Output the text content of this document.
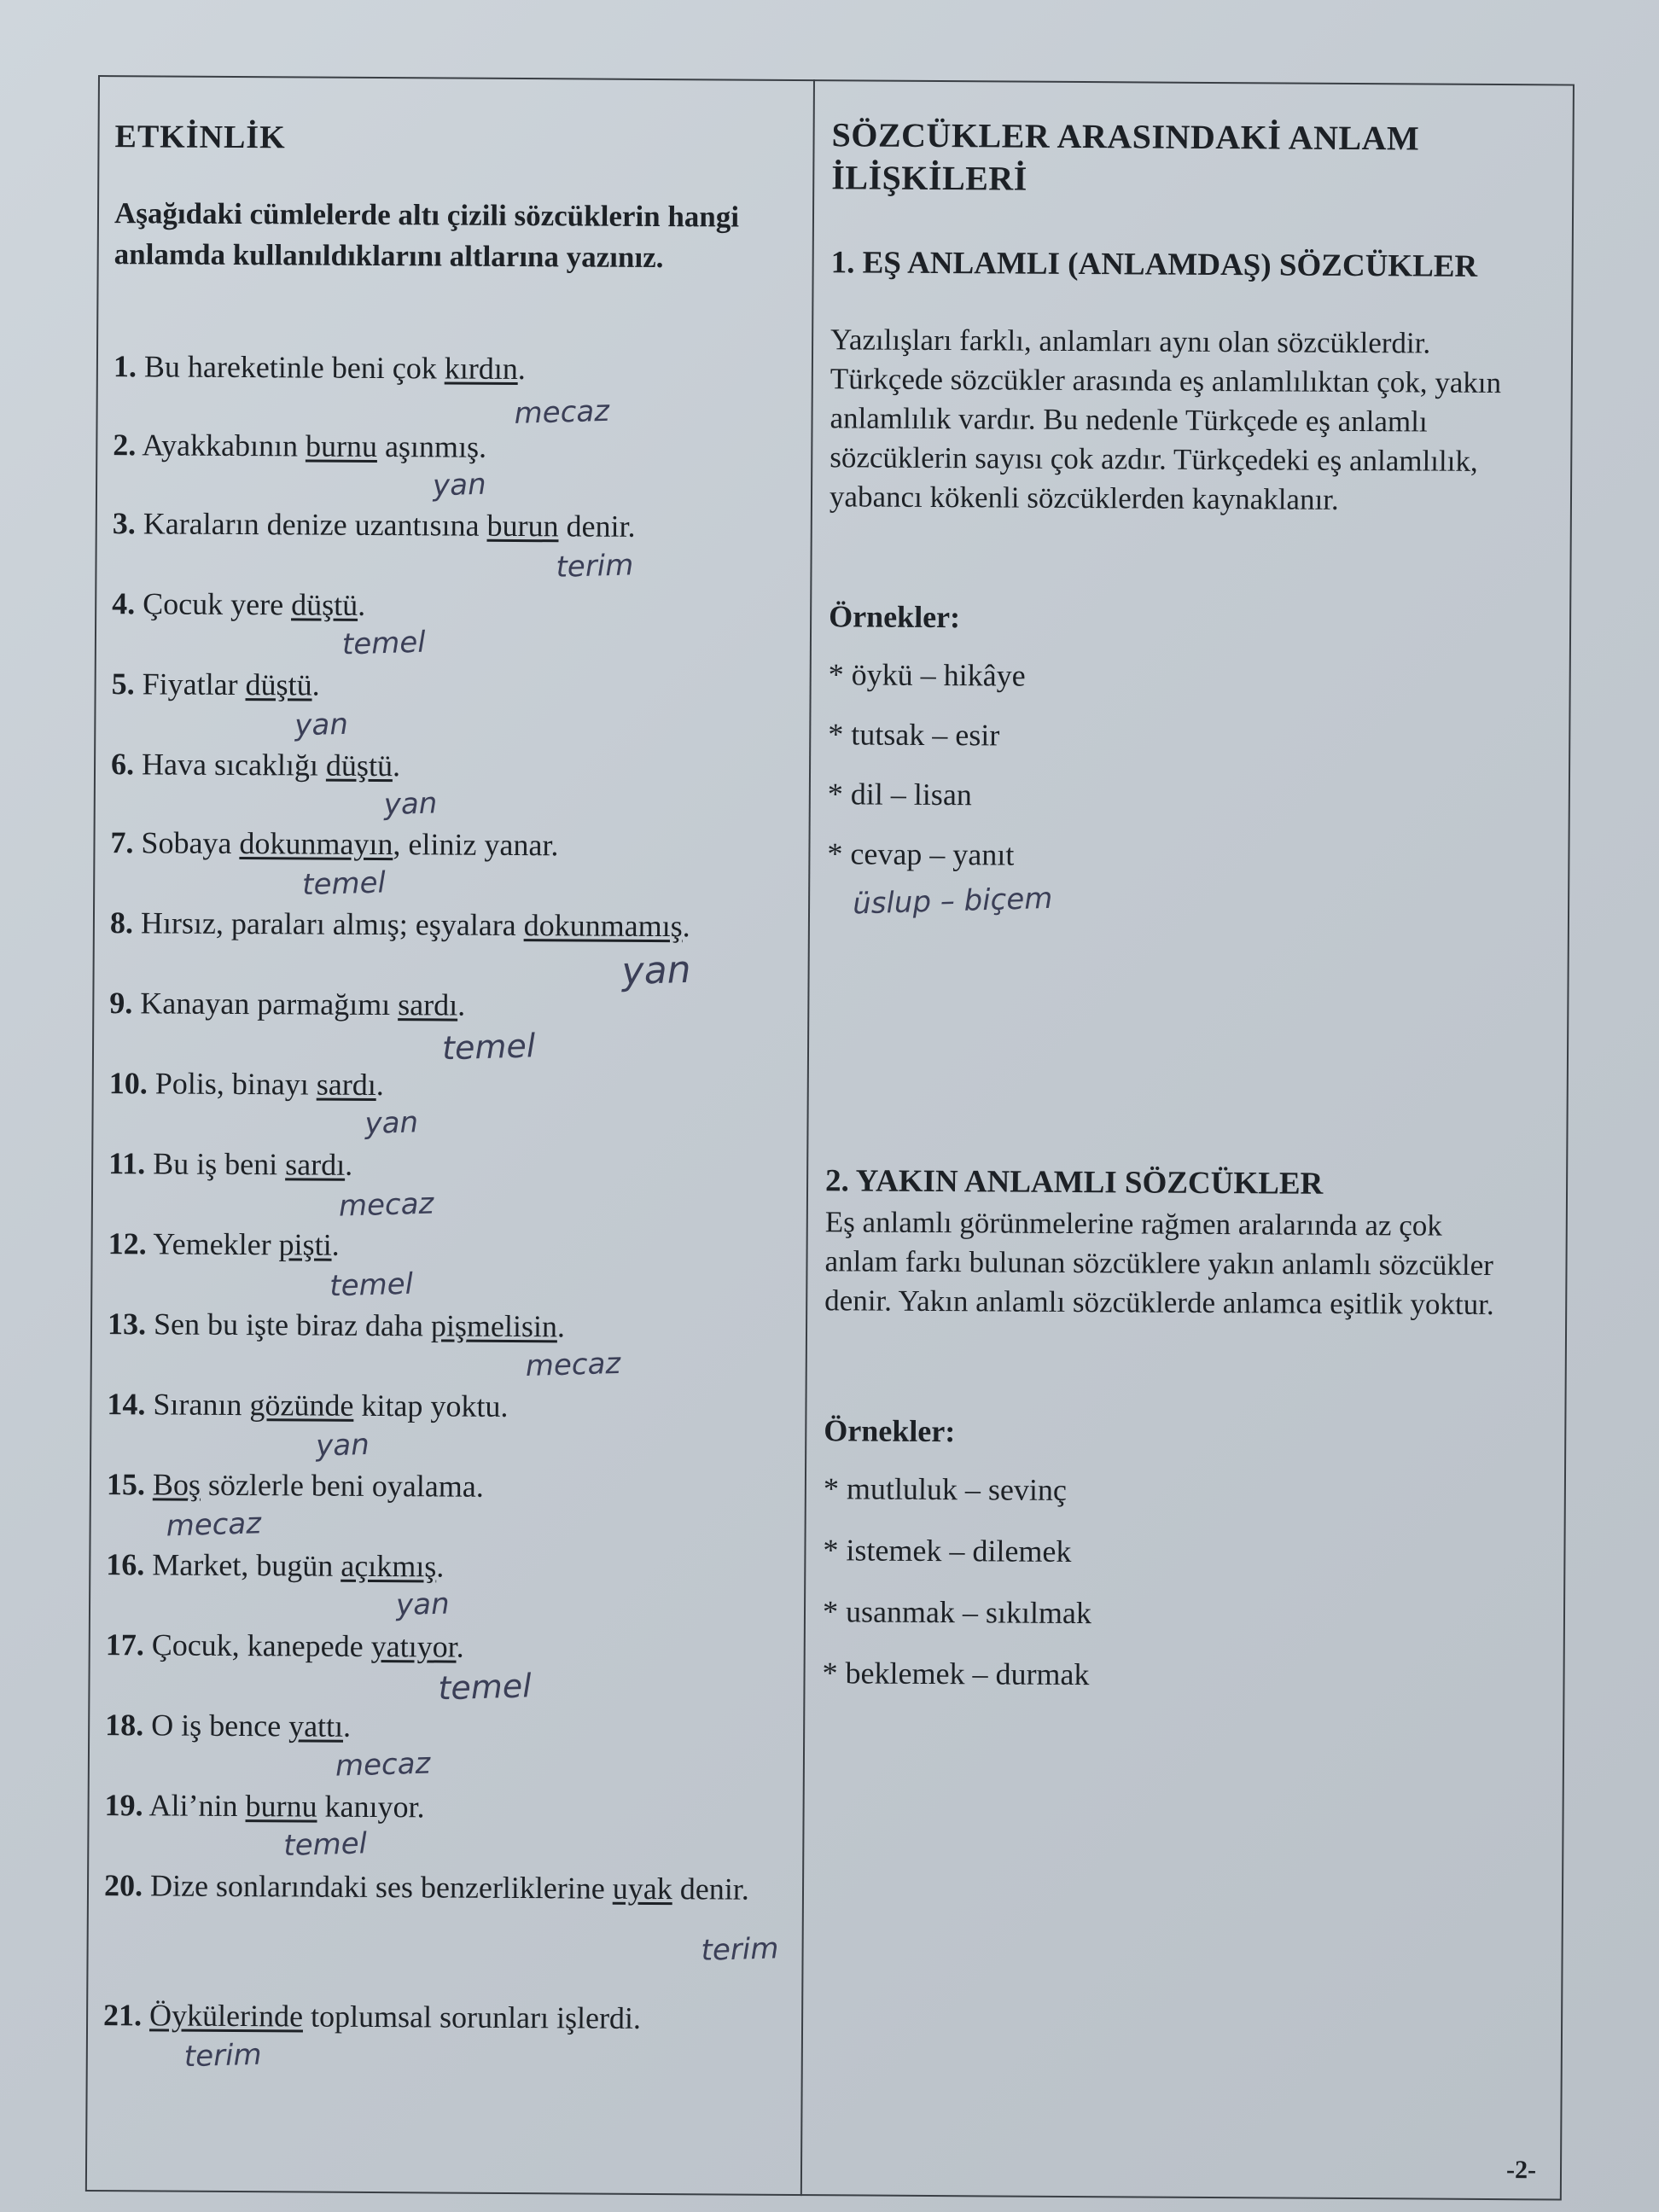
ETKİNLİK
Aşağıdaki cümlelerde altı çizili sözcüklerin hangi anlamda kullanıldıklarını altlarına yazınız.
1. Bu hareketinle beni çok kırdın.
mecaz
2. Ayakkabının burnu aşınmış.
yan
3. Karaların denize uzantısına burun denir.
terim
4. Çocuk yere düştü.
temel
5. Fiyatlar düştü.
yan
6. Hava sıcaklığı düştü.
yan
7. Sobaya dokunmayın, eliniz yanar.
temel
8. Hırsız, paraları almış; eşyalara dokunmamış.
yan
9. Kanayan parmağımı sardı.
temel
10. Polis, binayı sardı.
yan
11. Bu iş beni sardı.
mecaz
12. Yemekler pişti.
temel
13. Sen bu işte biraz daha pişmelisin.
mecaz
14. Sıranın gözünde kitap yoktu.
yan
15. Boş sözlerle beni oyalama.
mecaz
16. Market, bugün açıkmış.
yan
17. Çocuk, kanepede yatıyor.
temel
18. O iş bence yattı.
mecaz
19. Ali’nin burnu kanıyor.
temel
20. Dize sonlarındaki ses benzerliklerine uyak denir.
terim
21. Öykülerinde toplumsal sorunları işlerdi.
terim
SÖZCÜKLER ARASINDAKİ ANLAM İLİŞKİLERİ
1. EŞ ANLAMLI (ANLAMDAŞ) SÖZCÜKLER
Yazılışları farklı, anlamları aynı olan sözcüklerdir. Türkçede sözcükler arasında eş anlamlılıktan çok, yakın anlamlılık vardır. Bu nedenle Türkçede eş anlamlı sözcüklerin sayısı çok azdır. Türkçedeki eş anlamlılık, yabancı kökenli sözcüklerden kaynaklanır.
Örnekler:
* öykü – hikâye
* tutsak – esir
* dil – lisan
* cevap – yanıt
üslup – biçem
2. YAKIN ANLAMLI SÖZCÜKLER
Eş anlamlı görünmelerine rağmen aralarında az çok anlam farkı bulunan sözcüklere yakın anlamlı sözcükler denir. Yakın anlamlı sözcüklerde anlamca eşitlik yoktur.
Örnekler:
* mutluluk – sevinç
* istemek – dilemek
* usanmak – sıkılmak
* beklemek – durmak
-2-
